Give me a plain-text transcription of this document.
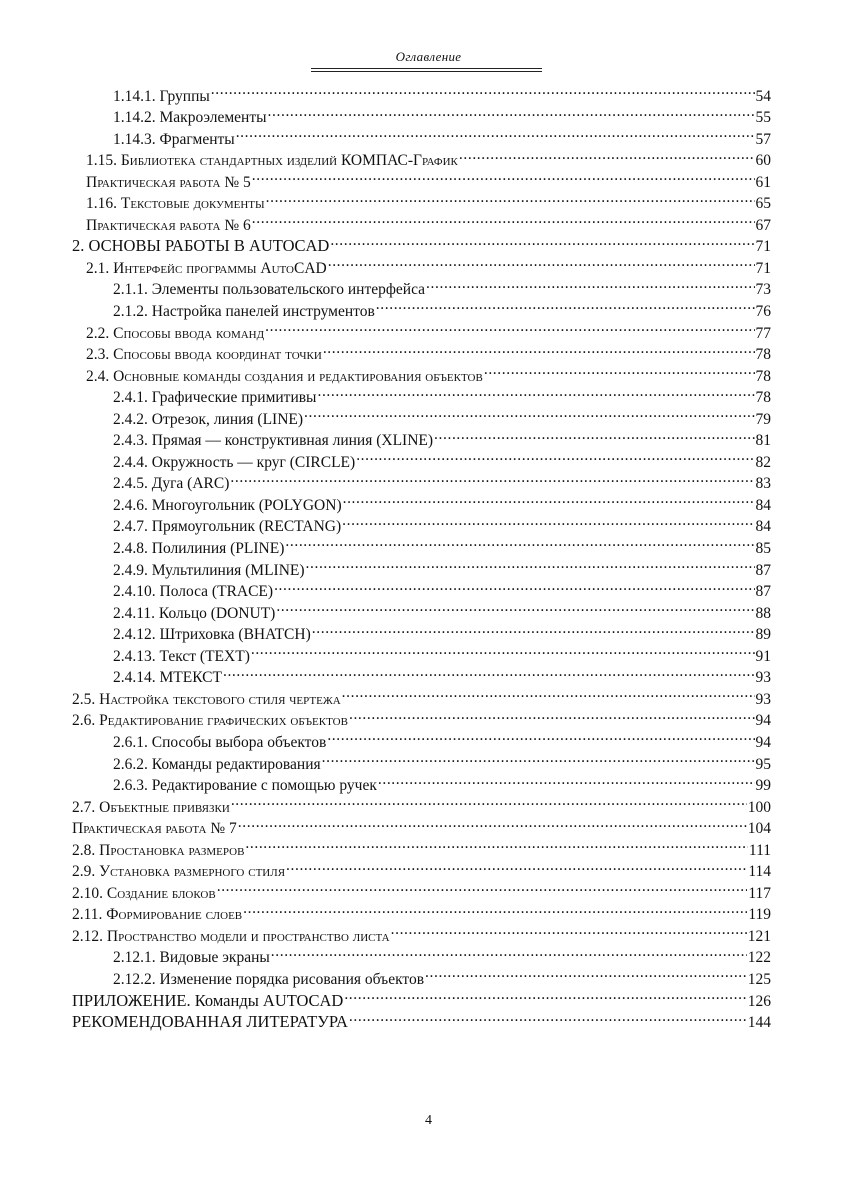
Оглавление
1.14.1. Группы .....	54
1.14.2. Макроэлементы .....	55
1.14.3. Фрагменты .....	57
1.15. Библиотека стандартных изделий КОМПАС-График .....	60
Практическая работа № 5 .....	61
1.16. Текстовые документы .....	65
Практическая работа № 6 .....	67
2. ОСНОВЫ РАБОТЫ В AUTOCAD .....	71
2.1. Интерфейс программы AutoCAD .....	71
2.1.1. Элементы пользовательского интерфейса .....	73
2.1.2. Настройка панелей инструментов .....	76
2.2. Способы ввода команд .....	77
2.3. Способы ввода координат точки .....	78
2.4. Основные команды создания и редактирования объектов .....	78
2.4.1. Графические примитивы .....	78
2.4.2. Отрезок, линия (LINE) .....	79
2.4.3. Прямая — конструктивная линия (XLINE) .....	81
2.4.4. Окружность — круг (CIRCLE) .....	82
2.4.5. Дуга (ARC) .....	83
2.4.6. Многоугольник (POLYGON) .....	84
2.4.7. Прямоугольник (RECTANG) .....	84
2.4.8. Полилиния (PLINE) .....	85
2.4.9. Мультилиния (MLINE) .....	87
2.4.10. Полоса (TRACE) .....	87
2.4.11. Кольцо (DONUT) .....	88
2.4.12. Штриховка (BHATCH) .....	89
2.4.13. Текст (TEXT) .....	91
2.4.14. МТЕКСТ .....	93
2.5. Настройка текстового стиля чертежа .....	93
2.6. Редактирование графических объектов .....	94
2.6.1. Способы выбора объектов .....	94
2.6.2. Команды редактирования .....	95
2.6.3. Редактирование с помощью ручек .....	99
2.7. Объектные привязки .....	100
Практическая работа № 7 .....	104
2.8. Простановка размеров .....	111
2.9. Установка размерного стиля .....	114
2.10. Создание блоков .....	117
2.11. Формирование слоев .....	119
2.12. Пространство модели и пространство листа .....	121
2.12.1. Видовые экраны .....	122
2.12.2. Изменение порядка рисования объектов .....	125
ПРИЛОЖЕНИЕ. Команды AUTOCAD .....	126
РЕКОМЕНДОВАННАЯ ЛИТЕРАТУРА .....	144
4
